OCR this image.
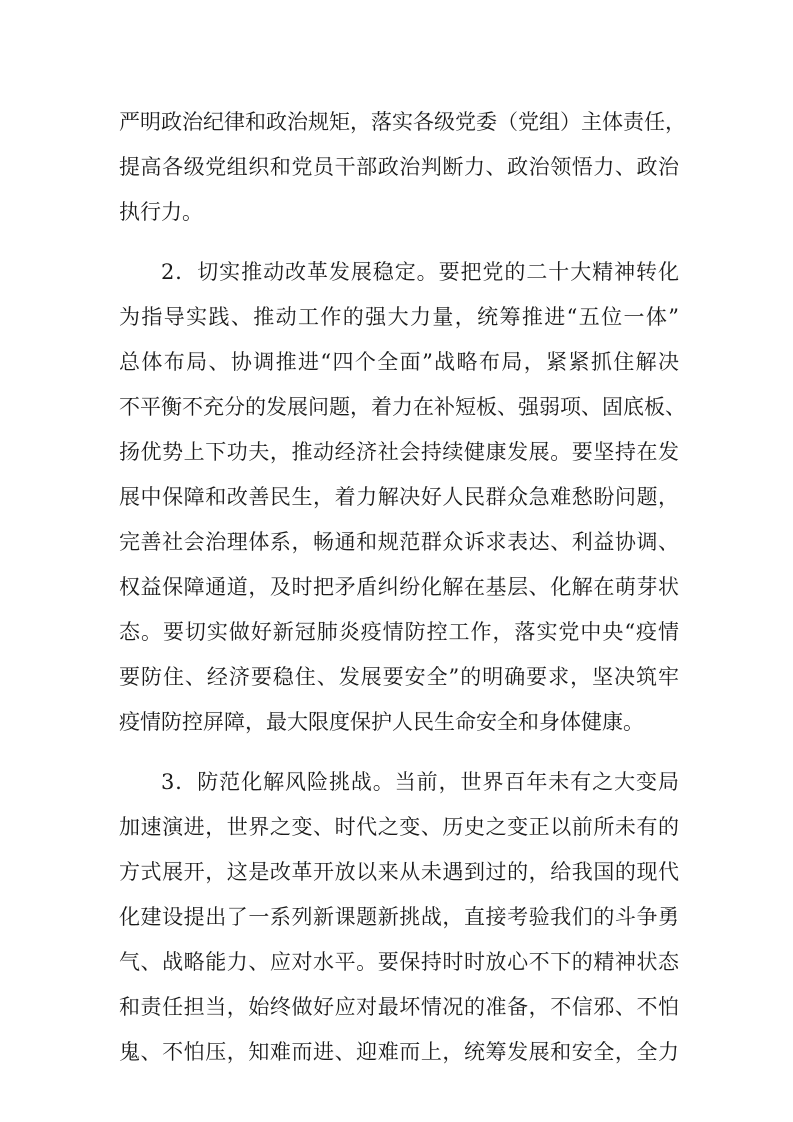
严明政治纪律和政治规矩，落实各级党委（党组）主体责任，
提高各级党组织和党员干部政治判断力、政治领悟力、政治
执行力。
2．切实推动改革发展稳定。要把党的二十大精神转化
为指导实践、推动工作的强大力量，统筹推进“五位一体”
总体布局、协调推进“四个全面”战略布局，紧紧抓住解决
不平衡不充分的发展问题，着力在补短板、强弱项、固底板、
扬优势上下功夫，推动经济社会持续健康发展。要坚持在发
展中保障和改善民生，着力解决好人民群众急难愁盼问题，
完善社会治理体系，畅通和规范群众诉求表达、利益协调、
权益保障通道，及时把矛盾纠纷化解在基层、化解在萌芽状
态。要切实做好新冠肺炎疫情防控工作，落实党中央“疫情
要防住、经济要稳住、发展要安全”的明确要求，坚决筑牢
疫情防控屏障，最大限度保护人民生命安全和身体健康。
3．防范化解风险挑战。当前，世界百年未有之大变局
加速演进，世界之变、时代之变、历史之变正以前所未有的
方式展开，这是改革开放以来从未遇到过的，给我国的现代
化建设提出了一系列新课题新挑战，直接考验我们的斗争勇
气、战略能力、应对水平。要保持时时放心不下的精神状态
和责任担当，始终做好应对最坏情况的准备，不信邪、不怕
鬼、不怕压，知难而进、迎难而上，统筹发展和安全，全力
